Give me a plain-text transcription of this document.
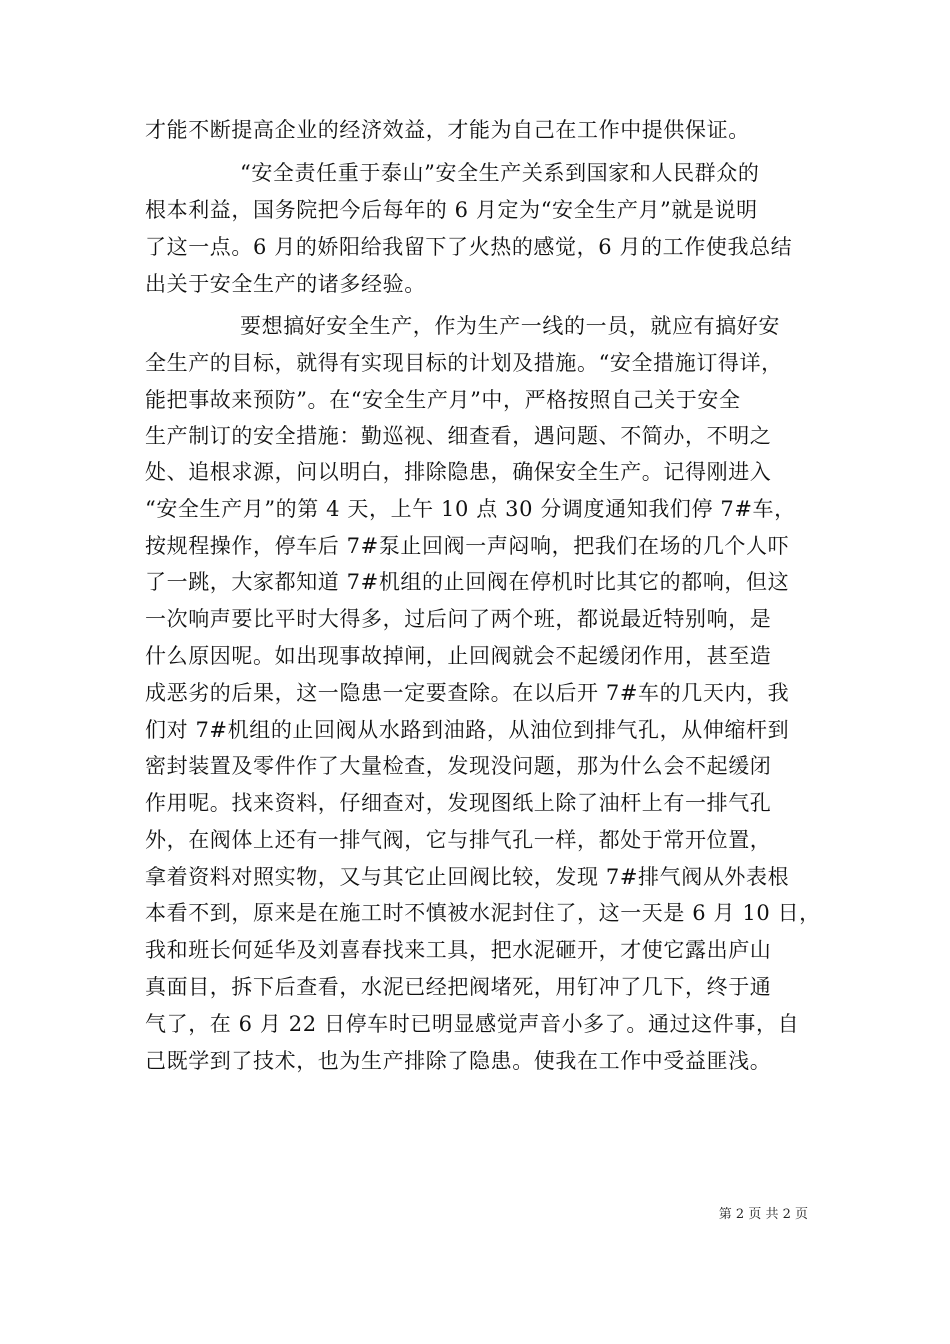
才能不断提高企业的经济效益，才能为自己在工作中提供保证。
“安全责任重于泰山”安全生产关系到国家和人民群众的
根本利益，国务院把今后每年的 6 月定为“安全生产月”就是说明
了这一点。6 月的娇阳给我留下了火热的感觉，6 月的工作使我总结
出关于安全生产的诸多经验。
要想搞好安全生产，作为生产一线的一员，就应有搞好安
全生产的目标，就得有实现目标的计划及措施。“安全措施订得详，
能把事故来预防”。在“安全生产月”中，严格按照自己关于安全
生产制订的安全措施：勤巡视、细查看，遇问题、不简办，不明之
处、追根求源，问以明白，排除隐患，确保安全生产。记得刚进入
“安全生产月”的第 4 天，上午 10 点 30 分调度通知我们停 7#车，
按规程操作，停车后 7#泵止回阀一声闷响，把我们在场的几个人吓
了一跳，大家都知道 7#机组的止回阀在停机时比其它的都响，但这
一次响声要比平时大得多，过后问了两个班，都说最近特别响，是
什么原因呢。如出现事故掉闸，止回阀就会不起缓闭作用，甚至造
成恶劣的后果，这一隐患一定要查除。在以后开 7#车的几天内，我
们对 7#机组的止回阀从水路到油路，从油位到排气孔，从伸缩杆到
密封装置及零件作了大量检查，发现没问题，那为什么会不起缓闭
作用呢。找来资料，仔细查对，发现图纸上除了油杆上有一排气孔
外，在阀体上还有一排气阀，它与排气孔一样，都处于常开位置，
拿着资料对照实物，又与其它止回阀比较，发现 7#排气阀从外表根
本看不到，原来是在施工时不慎被水泥封住了，这一天是 6 月 10 日，
我和班长何延华及刘喜春找来工具，把水泥砸开，才使它露出庐山
真面目，拆下后查看，水泥已经把阀堵死，用钉冲了几下，终于通
气了，在 6 月 22 日停车时已明显感觉声音小多了。通过这件事，自
己既学到了技术，也为生产排除了隐患。使我在工作中受益匪浅。
第 2 页 共 2 页
